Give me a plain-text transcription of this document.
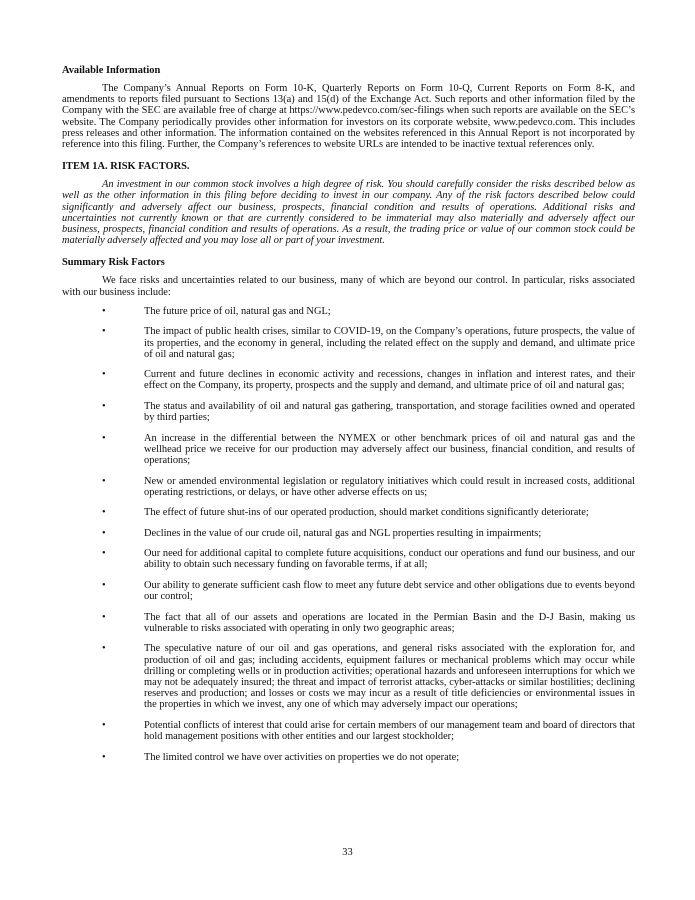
Available Information

The Company’s Annual Reports on Form 10-K, Quarterly Reports on Form 10-Q, Current Reports on Form 8-K, and amendments to reports filed pursuant to Sections 13(a) and 15(d) of the Exchange Act. Such reports and other information filed by the Company with the SEC are available free of charge at https://www.pedevco.com/sec-filings when such reports are available on the SEC’s website. The Company periodically provides other information for investors on its corporate website, www.pedevco.com. This includes press releases and other information. The information contained on the websites referenced in this Annual Report is not incorporated by reference into this filing. Further, the Company’s references to website URLs are intended to be inactive textual references only.

ITEM 1A. RISK FACTORS.

An investment in our common stock involves a high degree of risk. You should carefully consider the risks described below as well as the other information in this filing before deciding to invest in our company. Any of the risk factors described below could significantly and adversely affect our business, prospects, financial condition and results of operations. Additional risks and uncertainties not currently known or that are currently considered to be immaterial may also materially and adversely affect our business, prospects, financial condition and results of operations. As a result, the trading price or value of our common stock could be materially adversely affected and you may lose all or part of your investment.

Summary Risk Factors

We face risks and uncertainties related to our business, many of which are beyond our control. In particular, risks associated with our business include:

•	The future price of oil, natural gas and NGL;
•	The impact of public health crises, similar to COVID-19, on the Company’s operations, future prospects, the value of its properties, and the economy in general, including the related effect on the supply and demand, and ultimate price of oil and natural gas;
•	Current and future declines in economic activity and recessions, changes in inflation and interest rates, and their effect on the Company, its property, prospects and the supply and demand, and ultimate price of oil and natural gas;
•	The status and availability of oil and natural gas gathering, transportation, and storage facilities owned and operated by third parties;
•	An increase in the differential between the NYMEX or other benchmark prices of oil and natural gas and the wellhead price we receive for our production may adversely affect our business, financial condition, and results of operations;
•	New or amended environmental legislation or regulatory initiatives which could result in increased costs, additional operating restrictions, or delays, or have other adverse effects on us;
•	The effect of future shut-ins of our operated production, should market conditions significantly deteriorate;
•	Declines in the value of our crude oil, natural gas and NGL properties resulting in impairments;
•	Our need for additional capital to complete future acquisitions, conduct our operations and fund our business, and our ability to obtain such necessary funding on favorable terms, if at all;
•	Our ability to generate sufficient cash flow to meet any future debt service and other obligations due to events beyond our control;
•	The fact that all of our assets and operations are located in the Permian Basin and the D-J Basin, making us vulnerable to risks associated with operating in only two geographic areas;
•	The speculative nature of our oil and gas operations, and general risks associated with the exploration for, and production of oil and gas; including accidents, equipment failures or mechanical problems which may occur while drilling or completing wells or in production activities; operational hazards and unforeseen interruptions for which we may not be adequately insured; the threat and impact of terrorist attacks, cyber-attacks or similar hostilities; declining reserves and production; and losses or costs we may incur as a result of title deficiencies or environmental issues in the properties in which we invest, any one of which may adversely impact our operations;
•	Potential conflicts of interest that could arise for certain members of our management team and board of directors that hold management positions with other entities and our largest stockholder;
•	The limited control we have over activities on properties we do not operate;
33
